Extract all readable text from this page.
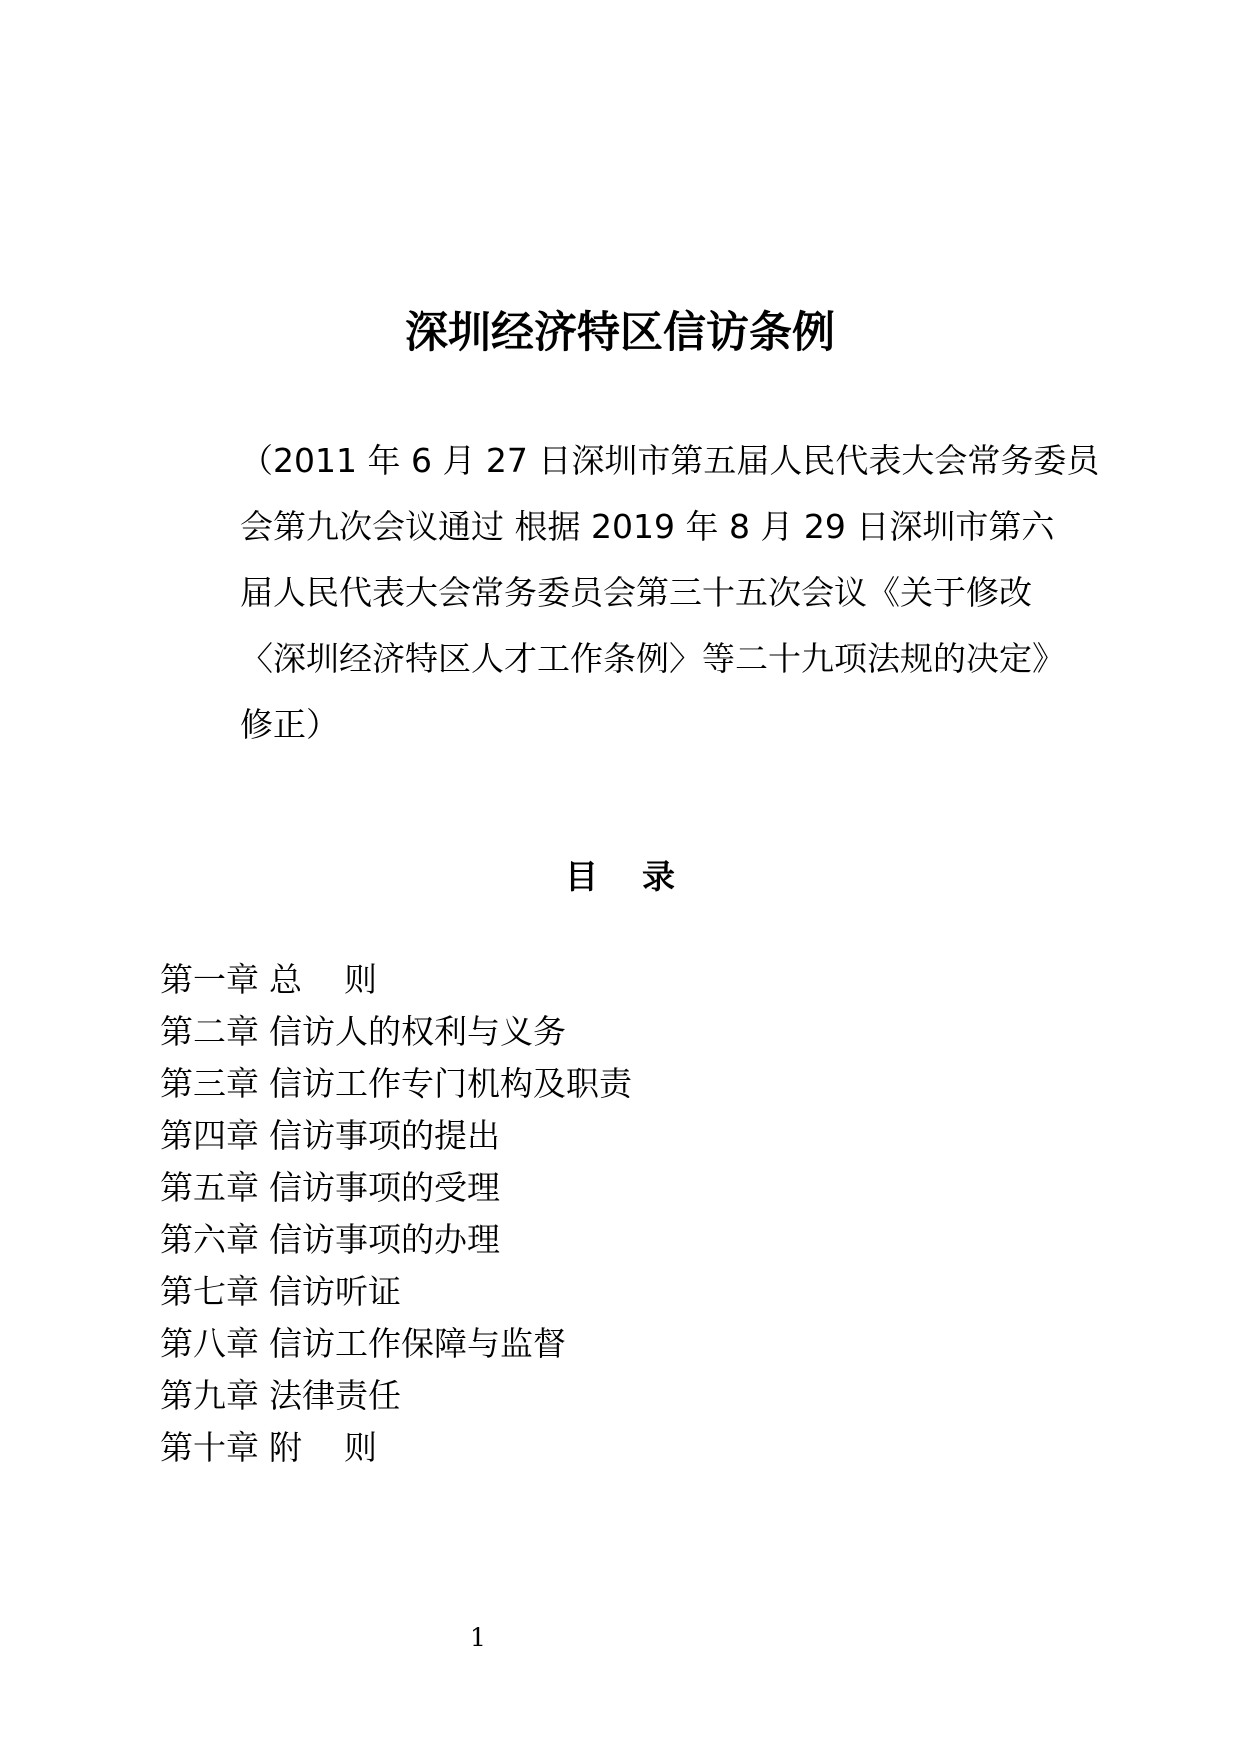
深圳经济特区信访条例

（2011 年 6 月 27 日深圳市第五届人民代表大会常务委员
会第九次会议通过 根据 2019 年 8 月 29 日深圳市第六
届人民代表大会常务委员会第三十五次会议《关于修改
〈深圳经济特区人才工作条例〉等二十九项法规的决定》
修正）

目 录
第一章 总    则
第二章 信访人的权利与义务
第三章 信访工作专门机构及职责
第四章 信访事项的提出
第五章 信访事项的受理
第六章 信访事项的办理
第七章 信访听证
第八章 信访工作保障与监督
第九章 法律责任
第十章 附    则
1
